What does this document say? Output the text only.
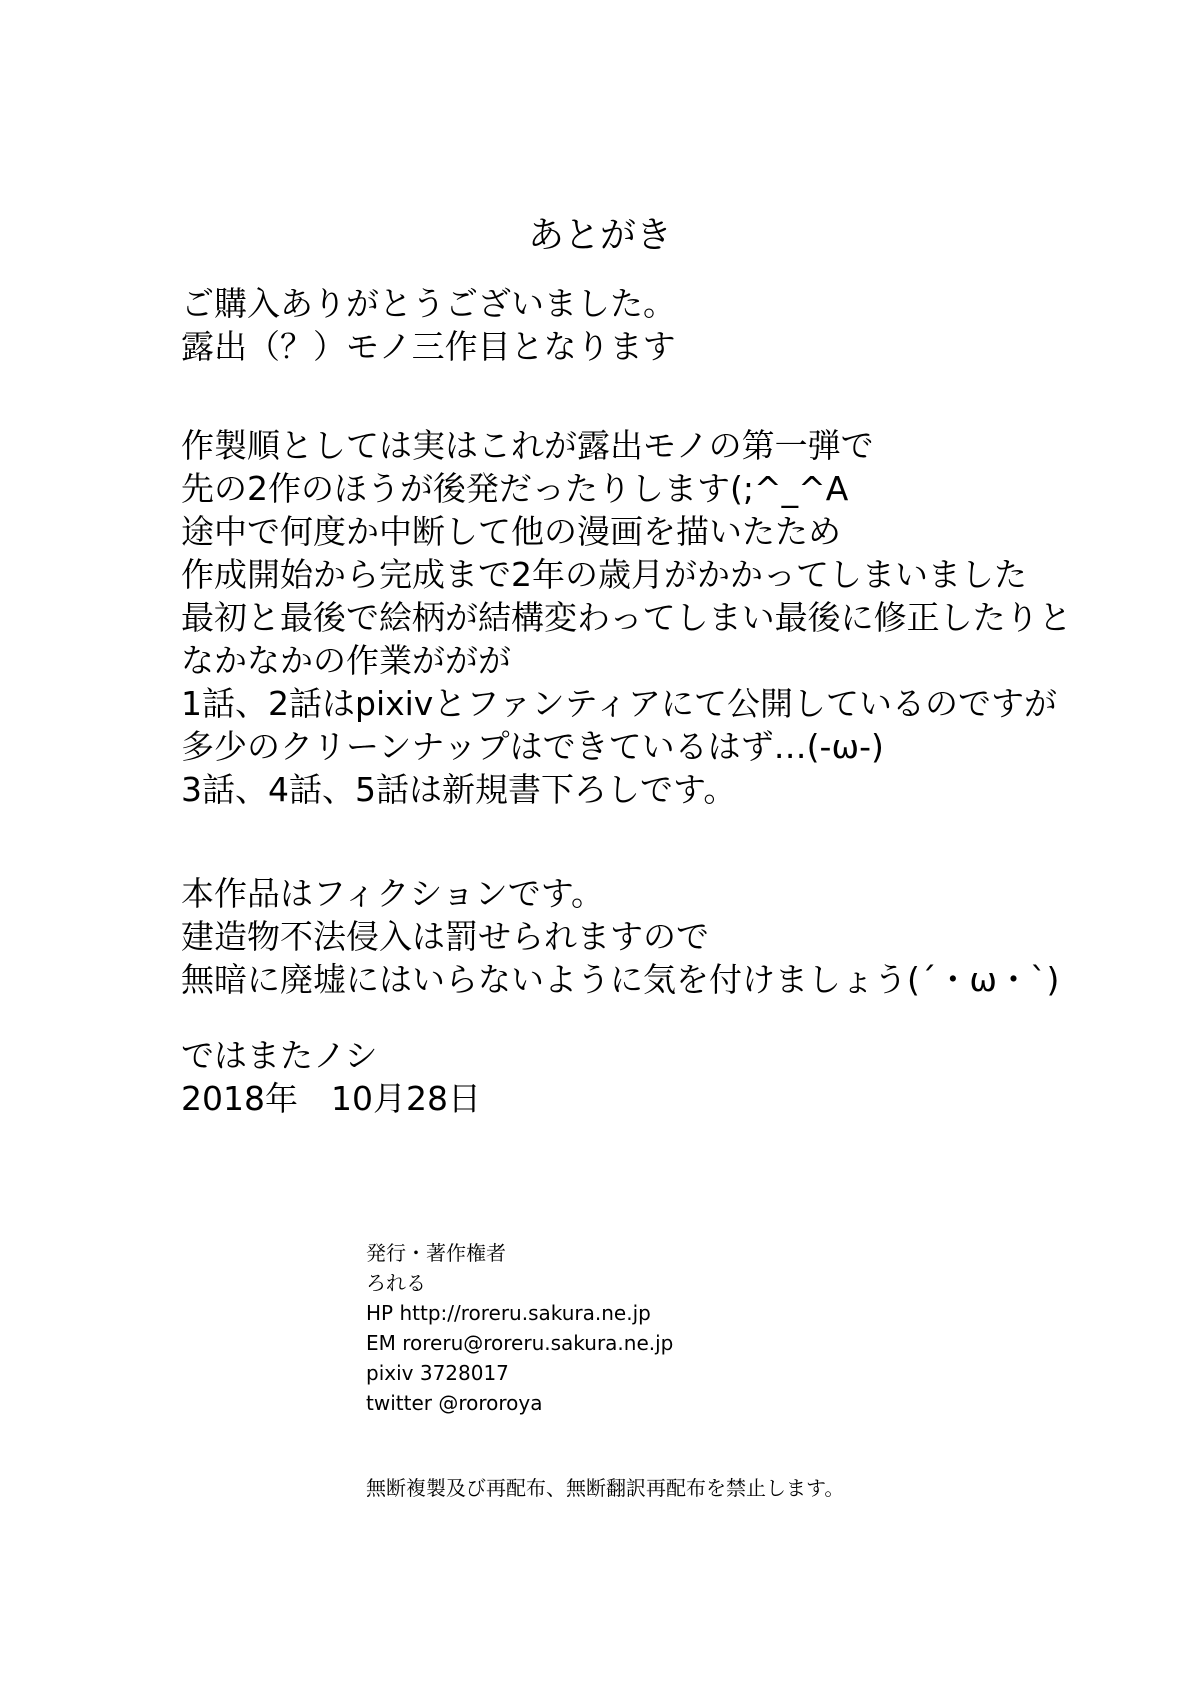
あとがき
ご購入ありがとうございました。
露出（？）モノ三作目となります
作製順としては実はこれが露出モノの第一弾で
先の2作のほうが後発だったりします(;^_^A
途中で何度か中断して他の漫画を描いたため
作成開始から完成まで2年の歳月がかかってしまいました
最初と最後で絵柄が結構変わってしまい最後に修正したりと
なかなかの作業ががが
1話、2話はpixivとファンティアにて公開しているのですが
多少のクリーンナップはできているはず…(-ω-)
3話、4話、5話は新規書下ろしです。
本作品はフィクションです。
建造物不法侵入は罰せられますので
無暗に廃墟にはいらないように気を付けましょう(´・ω・`)
ではまたノシ
2018年　10月28日
発行・著作権者
ろれる
HP http://roreru.sakura.ne.jp
EM roreru@roreru.sakura.ne.jp
pixiv 3728017
twitter @rororoya
無断複製及び再配布、無断翻訳再配布を禁止します。
